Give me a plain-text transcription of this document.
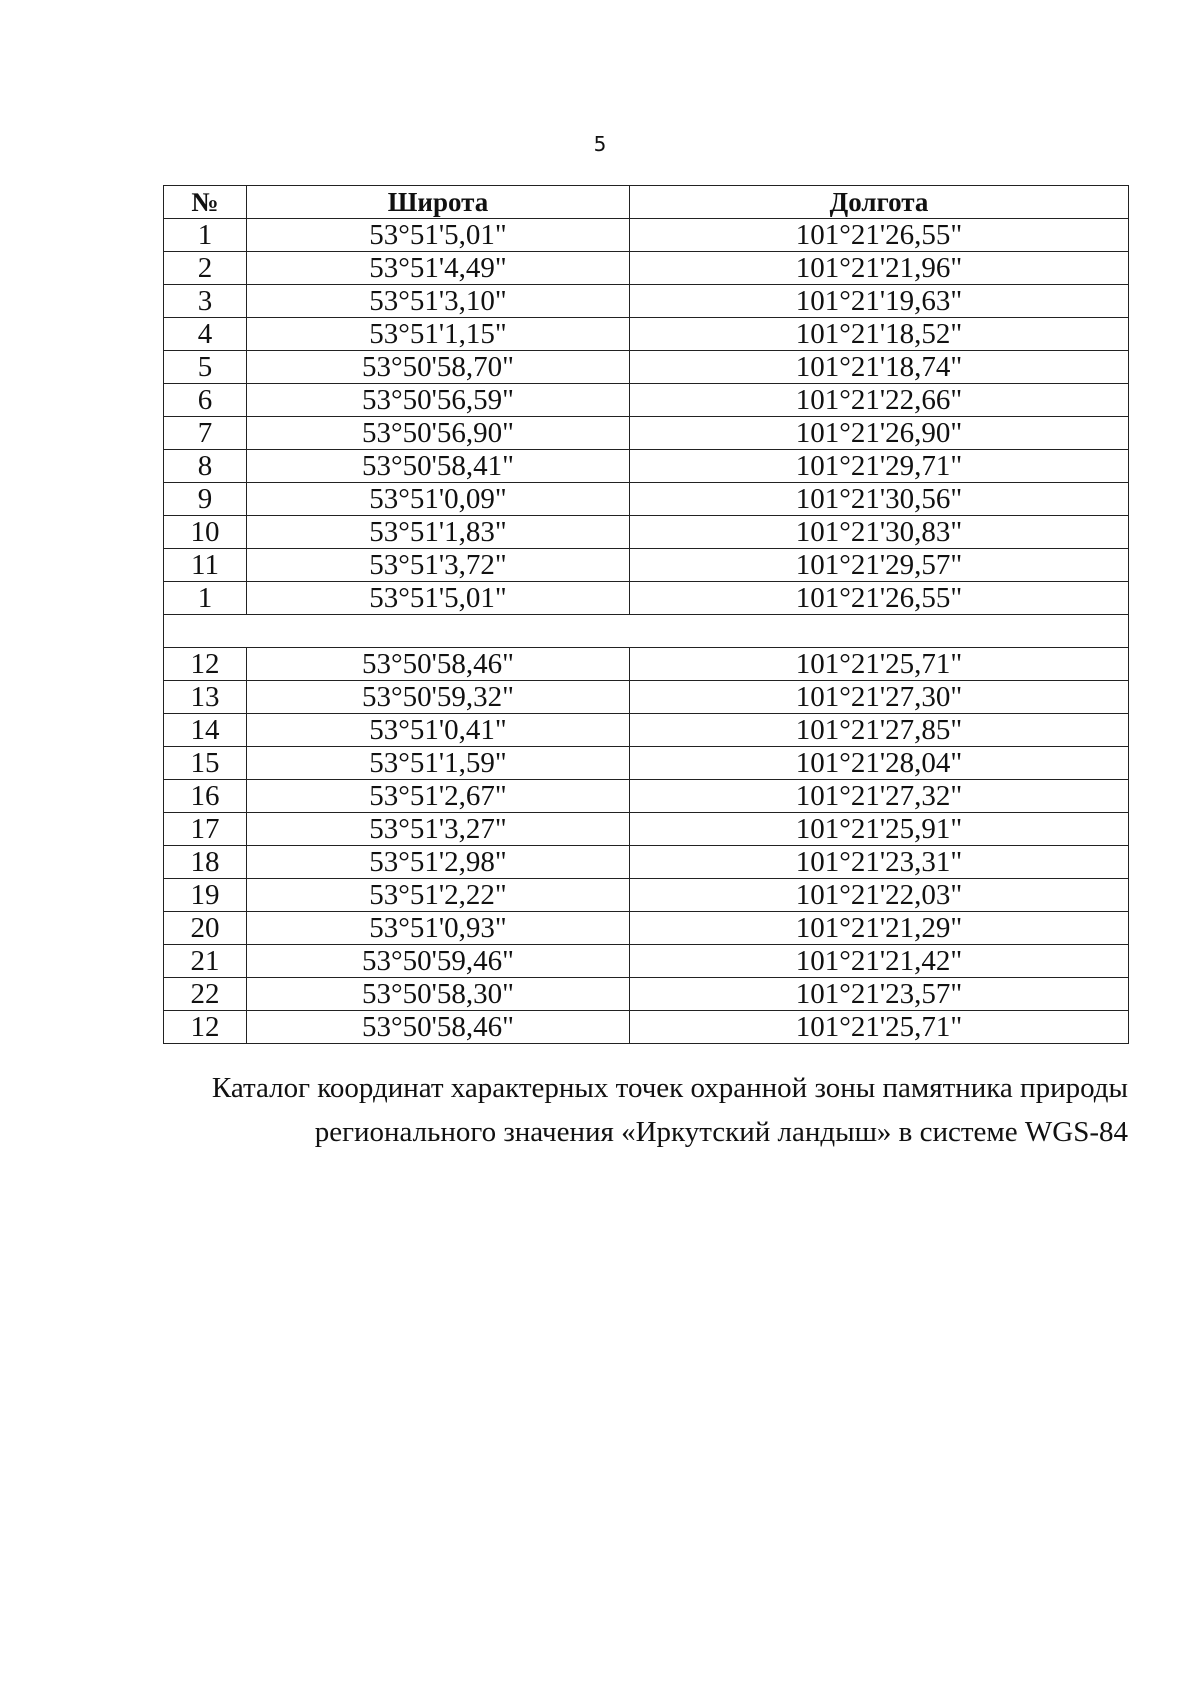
5
№	Широта	Долгота
1	53°51'5,01"	101°21'26,55"
2	53°51'4,49"	101°21'21,96"
3	53°51'3,10"	101°21'19,63"
4	53°51'1,15"	101°21'18,52"
5	53°50'58,70"	101°21'18,74"
6	53°50'56,59"	101°21'22,66"
7	53°50'56,90"	101°21'26,90"
8	53°50'58,41"	101°21'29,71"
9	53°51'0,09"	101°21'30,56"
10	53°51'1,83"	101°21'30,83"
11	53°51'3,72"	101°21'29,57"
1	53°51'5,01"	101°21'26,55"

12	53°50'58,46"	101°21'25,71"
13	53°50'59,32"	101°21'27,30"
14	53°51'0,41"	101°21'27,85"
15	53°51'1,59"	101°21'28,04"
16	53°51'2,67"	101°21'27,32"
17	53°51'3,27"	101°21'25,91"
18	53°51'2,98"	101°21'23,31"
19	53°51'2,22"	101°21'22,03"
20	53°51'0,93"	101°21'21,29"
21	53°50'59,46"	101°21'21,42"
22	53°50'58,30"	101°21'23,57"
12	53°50'58,46"	101°21'25,71"
Каталог координат характерных точек охранной зоны памятника природы
регионального значения «Иркутский ландыш» в системе WGS-84
